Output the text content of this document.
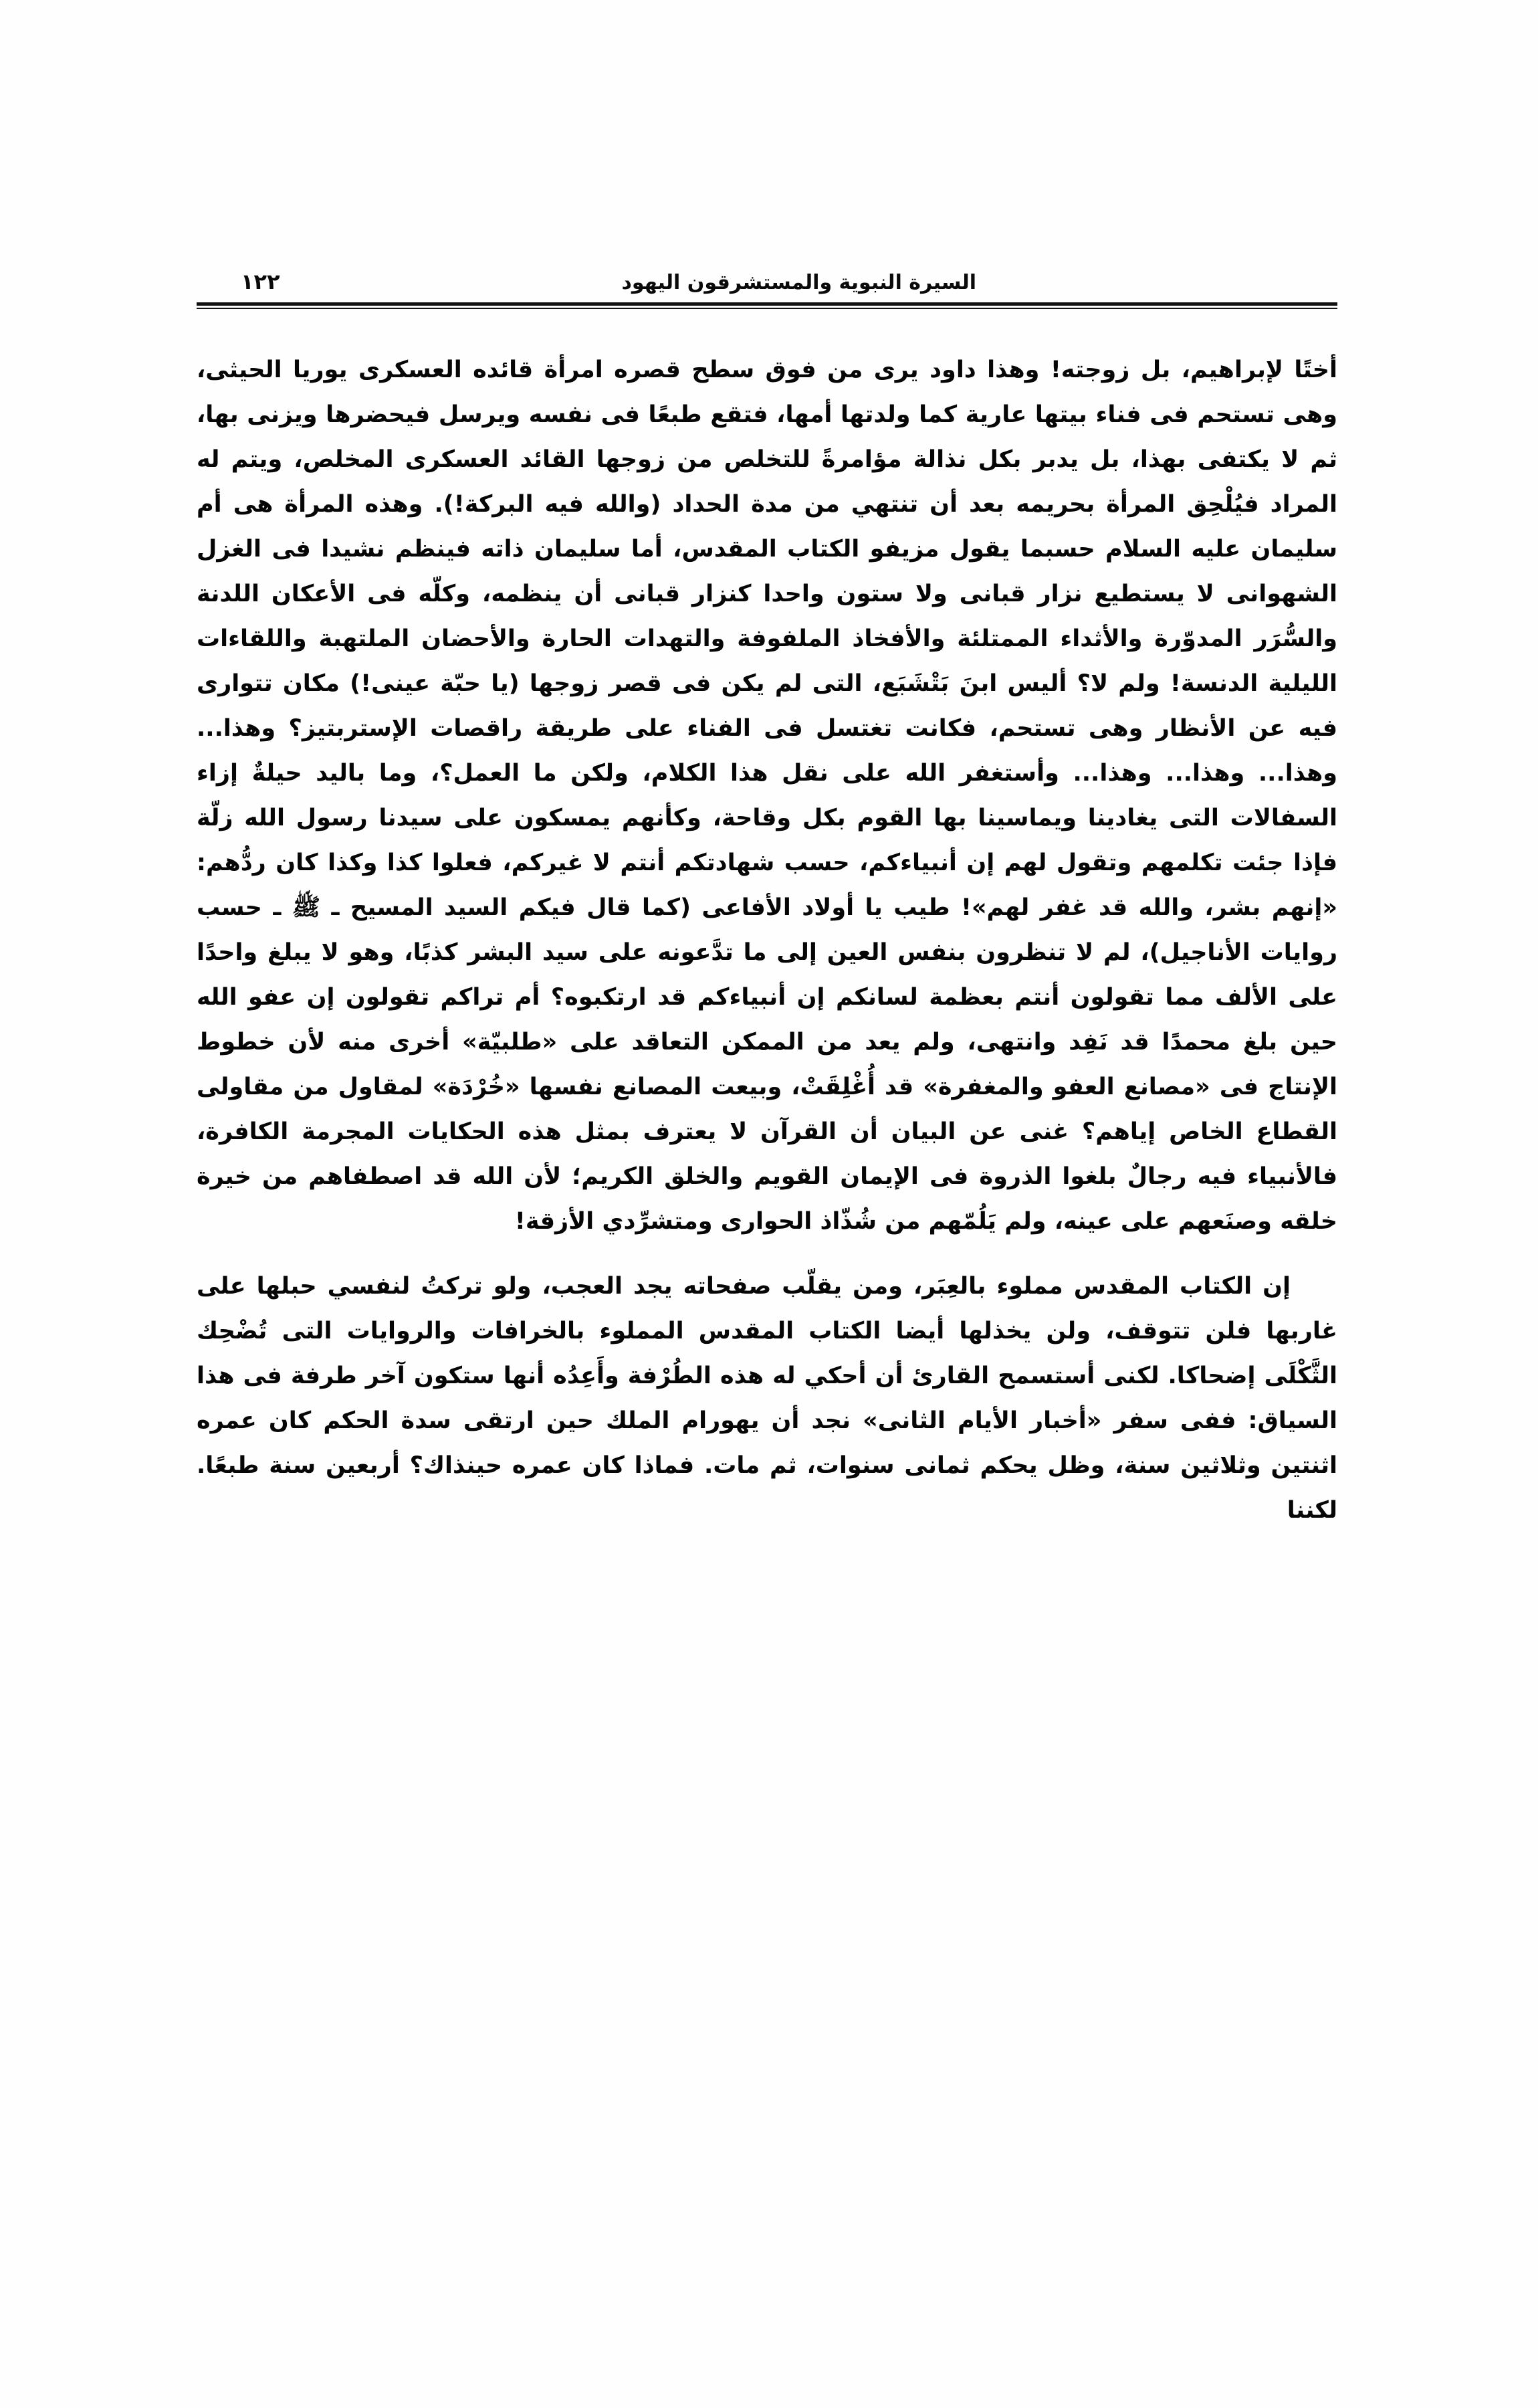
السيرة النبوية والمستشرقون اليهود
١٢٢

أختًا لإبراهيم، بل زوجته! وهذا داود يرى من فوق سطح قصره امرأة قائده العسكرى يوريا الحيثى، وهى تستحم فى فناء بيتها عارية كما ولدتها أمها، فتقع طبعًا فى نفسه ويرسل فيحضرها ويزنى بها، ثم لا يكتفى بهذا، بل يدبر بكل نذالة مؤامرةً للتخلص من زوجها القائد العسكرى المخلص، ويتم له المراد فيُلْحِق المرأة بحريمه بعد أن تنتهي من مدة الحداد (والله فيه البركة!). وهذه المرأة هى أم سليمان عليه السلام حسبما يقول مزيفو الكتاب المقدس، أما سليمان ذاته فينظم نشيدا فى الغزل الشهوانى لا يستطيع نزار قبانى ولا ستون واحدا كنزار قبانى أن ينظمه، وكلّه فى الأعكان اللدنة والسُّرَر المدوّرة والأثداء الممتلئة والأفخاذ الملفوفة والتهدات الحارة والأحضان الملتهبة واللقاءات الليلية الدنسة! ولم لا؟ أليس ابنَ بَتْشَبَع، التى لم يكن فى قصر زوجها (يا حبّة عينى!) مكان تتوارى فيه عن الأنظار وهى تستحم، فكانت تغتسل فى الفناء على طريقة راقصات الإستربتيز؟ وهذا... وهذا... وهذا... وهذا... وأستغفر الله على نقل هذا الكلام، ولكن ما العمل؟، وما باليد حيلةٌ إزاء السفالات التى يغادينا ويماسينا بها القوم بكل وقاحة، وكأنهم يمسكون على سيدنا رسول الله زلّة فإذا جئت تكلمهم وتقول لهم إن أنبياءكم، حسب شهادتكم أنتم لا غيركم، فعلوا كذا وكذا كان ردُّهم: «إنهم بشر، والله قد غفر لهم»! طيب يا أولاد الأفاعى (كما قال فيكم السيد المسيح ـ ﷺ ـ حسب روايات الأناجيل)، لم لا تنظرون بنفس العين إلى ما تدَّعونه على سيد البشر كذبًا، وهو لا يبلغ واحدًا على الألف مما تقولون أنتم بعظمة لسانكم إن أنبياءكم قد ارتكبوه؟ أم تراكم تقولون إن عفو الله حين بلغ محمدًا قد نَفِد وانتهى، ولم يعد من الممكن التعاقد على «طلبيّة» أخرى منه لأن خطوط الإنتاج فى «مصانع العفو والمغفرة» قد أُغْلِقَتْ، وبيعت المصانع نفسها «خُرْدَة» لمقاول من مقاولى القطاع الخاص إياهم؟ غنى عن البيان أن القرآن لا يعترف بمثل هذه الحكايات المجرمة الكافرة، فالأنبياء فيه رجالٌ بلغوا الذروة فى الإيمان القويم والخلق الكريم؛ لأن الله قد اصطفاهم من خيرة خلقه وصنَعهم على عينه، ولم يَلُمّهم من شُذّاذ الحوارى ومتشرِّدي الأزقة!

إن الكتاب المقدس مملوء بالعِبَر، ومن يقلّب صفحاته يجد العجب، ولو تركتُ لنفسي حبلها على غاربها فلن تتوقف، ولن يخذلها أيضا الكتاب المقدس المملوء بالخرافات والروايات التى تُضْحِك الثَّكْلَى إضحاكا. لكنى أستسمح القارئ أن أحكي له هذه الطُرْفة وأَعِدُه أنها ستكون آخر طرفة فى هذا السياق: ففى سفر «أخبار الأيام الثانى» نجد أن يهورام الملك حين ارتقى سدة الحكم كان عمره اثنتين وثلاثين سنة، وظل يحكم ثمانى سنوات، ثم مات. فماذا كان عمره حينذاك؟ أربعين سنة طبعًا. لكننا
